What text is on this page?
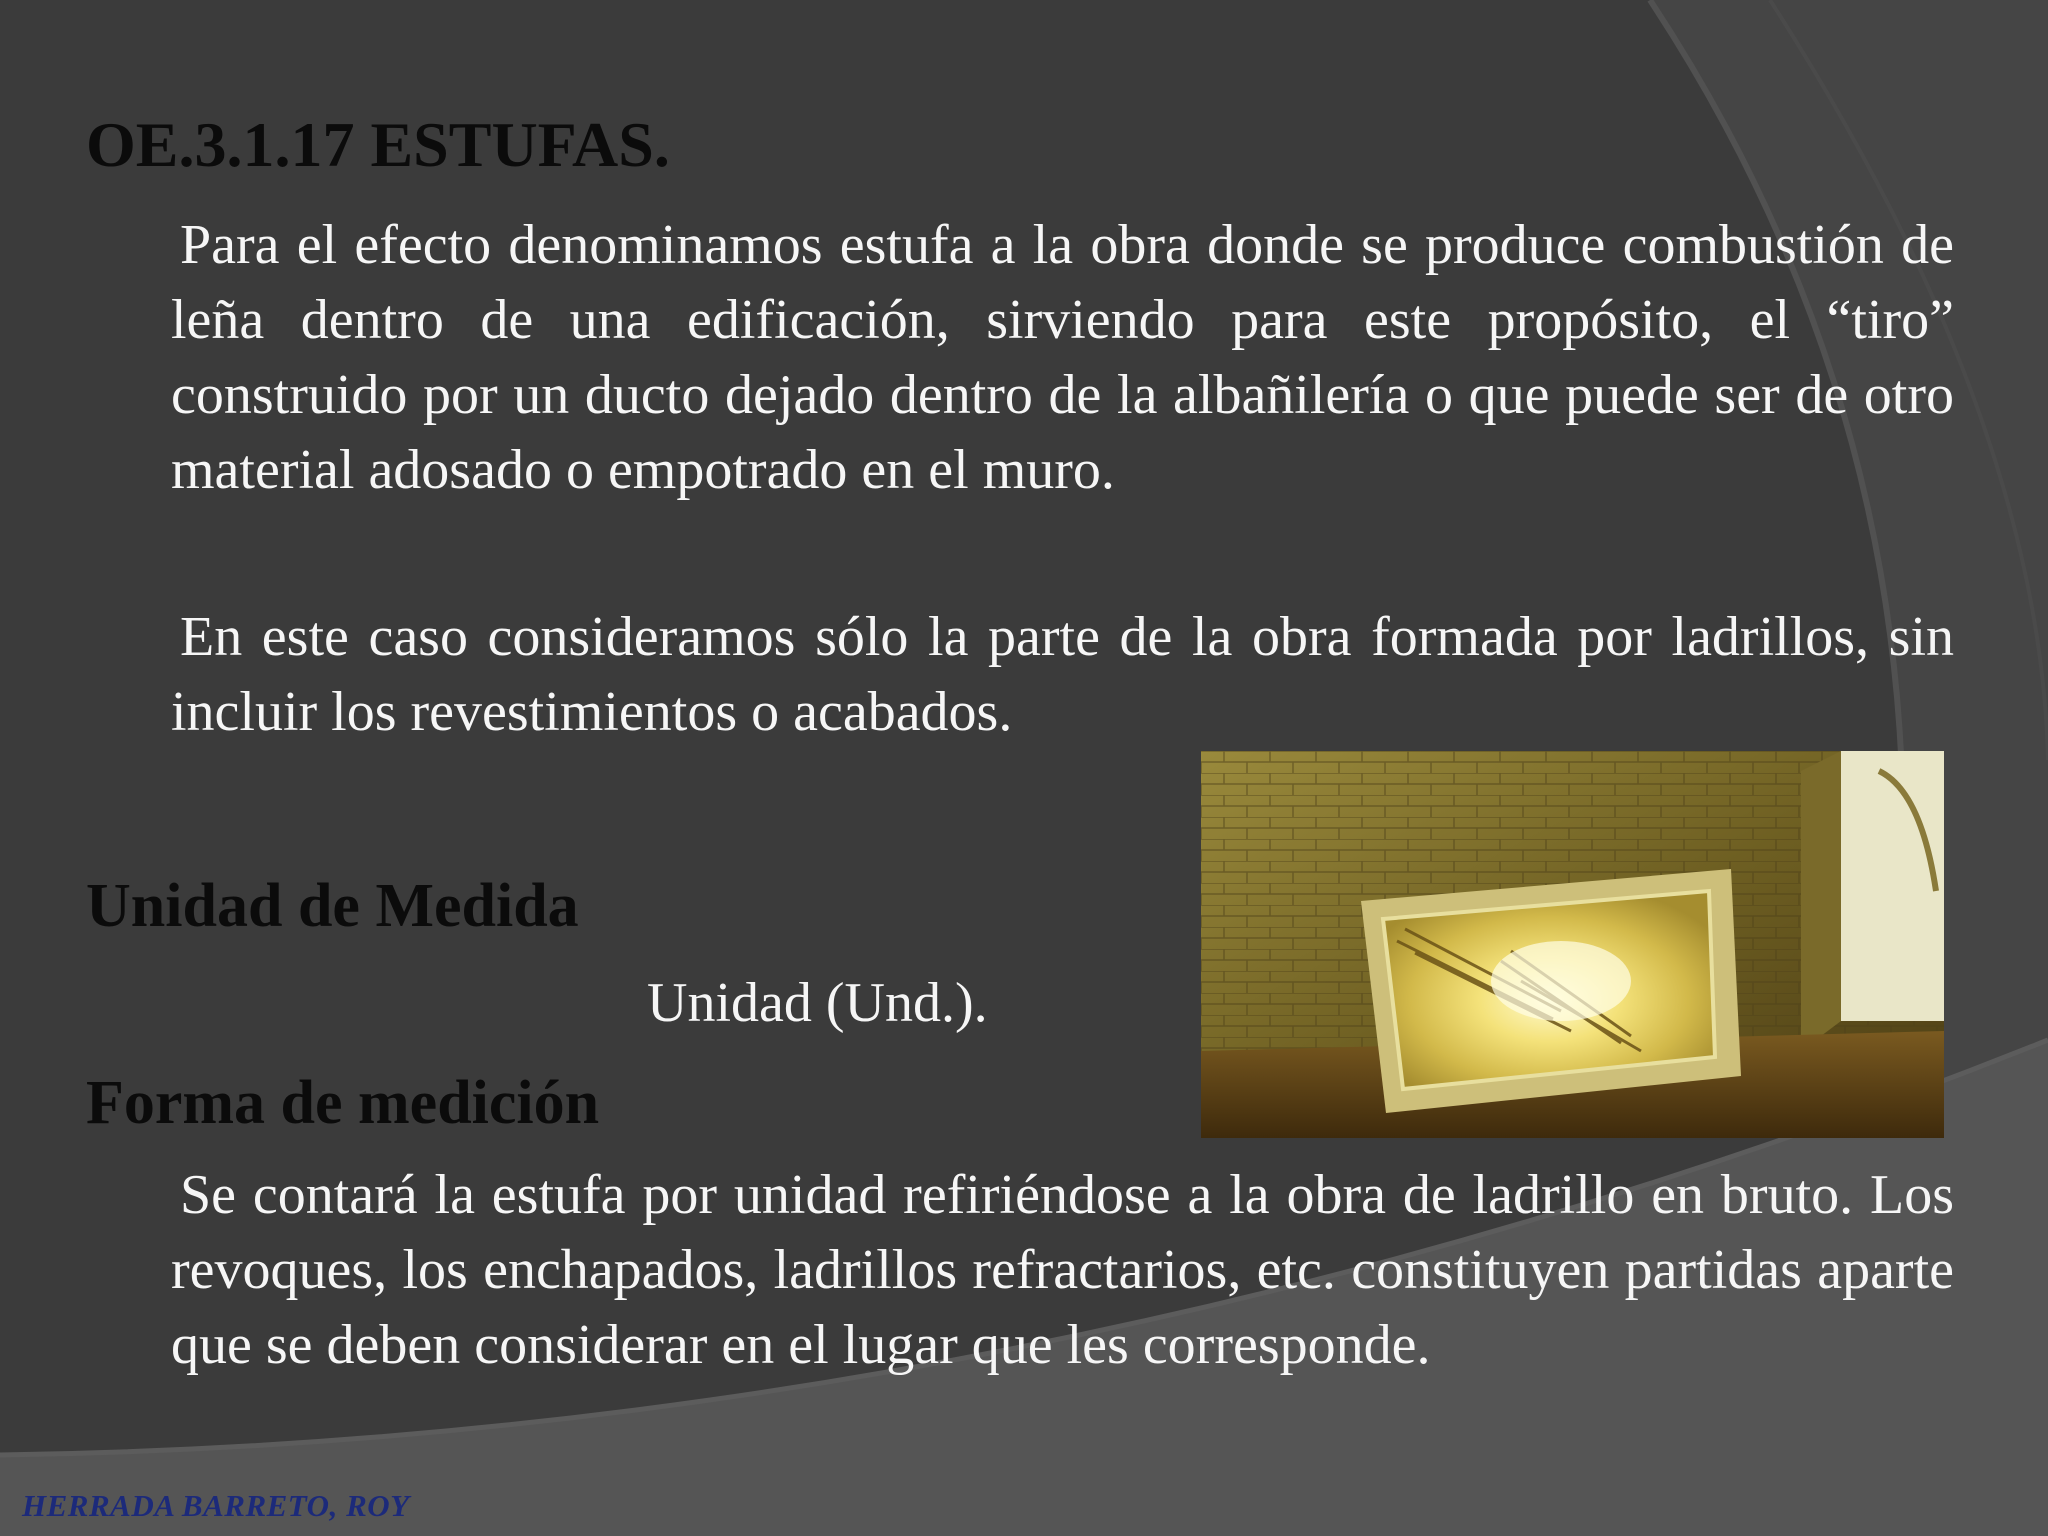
OE.3.1.17 ESTUFAS.

Para el efecto denominamos estufa a la obra donde se produce combustión de leña dentro de una edificación, sirviendo para este propósito, el “tiro” construido por un ducto dejado dentro de la albañilería o que puede ser de otro material adosado o empotrado en el muro.

En este caso consideramos sólo la parte de la obra formada por ladrillos, sin incluir los revestimientos o acabados.

Unidad de Medida

Unidad (Und.).

Forma de medición

Se contará la estufa por unidad refiriéndose a la obra de ladrillo en bruto. Los revoques, los enchapados, ladrillos refractarios, etc. constituyen partidas aparte que se deben considerar en el lugar que les corresponde.

HERRADA BARRETO, ROY
